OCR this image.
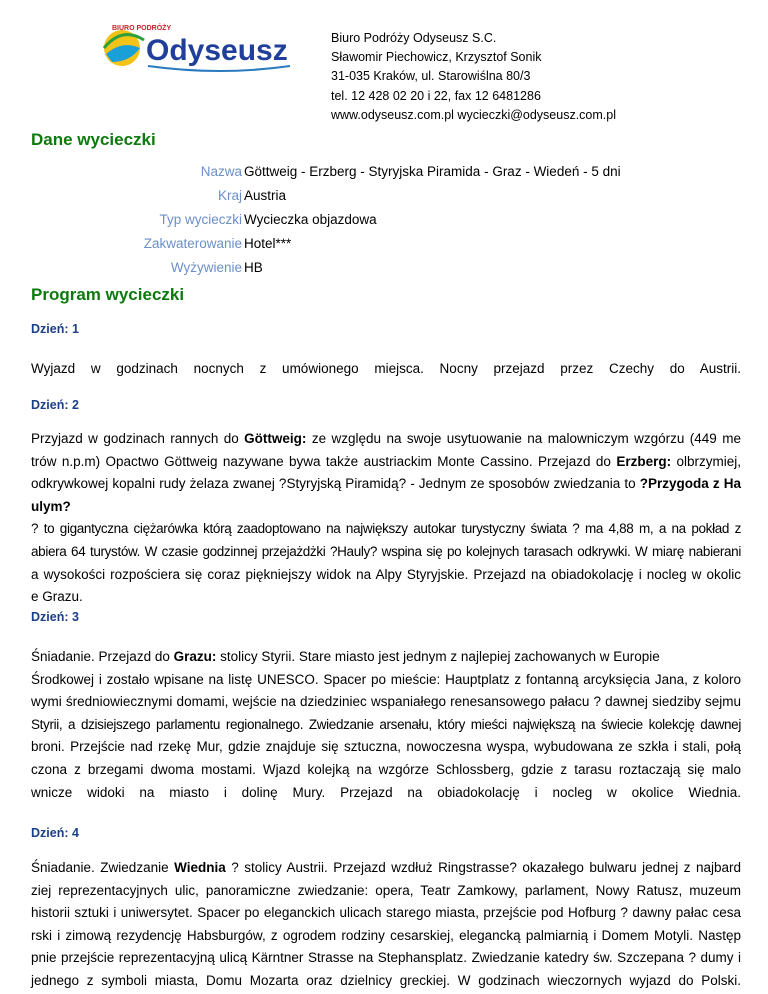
BIURO PODRÓŻY
Odyseusz	Biuro Podróży Odyseusz S.C.
Sławomir Piechowicz, Krzysztof Sonik
31-035 Kraków, ul. Starowiślna 80/3
tel. 12 428 02 20 i 22, fax 12 6481286
www.odyseusz.com.pl wycieczki@odyseusz.com.pl
Dane wycieczki
Nazwa Göttweig - Erzberg - Styryjska Piramida - Graz - Wiedeń - 5 dni
Kraj Austria
Typ wycieczki Wycieczka objazdowa
Zakwaterowanie Hotel***
Wyżywienie HB
Program wycieczki
Dzień: 1

Wyjazd w godzinach nocnych z umówionego miejsca. Nocny przejazd przez Czechy do Austrii.

Dzień: 2

Przyjazd w godzinach rannych do Göttweig: ze względu na swoje usytuowanie na malowniczym wzgórzu (449 me

trów n.p.m) Opactwo Göttweig nazywane bywa także austriackim Monte Cassino. Przejazd do Erzberg: olbrzymiej,

odkrywkowej kopalni rudy żelaza zwanej ?Styryjską Piramidą? - Jednym ze sposobów zwiedzania to ?Przygoda z Ha

ulym?

? to gigantyczna ciężarówka którą zaadoptowano na największy autokar turystyczny świata ? ma 4,88 m, a na pokład z

abiera 64 turystów. W czasie godzinnej przejażdżki ?Hauly? wspina się po kolejnych tarasach odkrywki. W miarę nabierani

a wysokości rozpościera się coraz piękniejszy widok na Alpy Styryjskie. Przejazd na obiadokolację i nocleg w okolic

e Grazu.

Dzień: 3

Śniadanie. Przejazd do Grazu: stolicy Styrii. Stare miasto jest jednym z najlepiej zachowanych w Europie

Środkowej i zostało wpisane na listę UNESCO. Spacer po mieście: Hauptplatz z fontanną arcyksięcia Jana, z koloro

wymi średniowiecznymi domami, wejście na dziedziniec wspaniałego renesansowego pałacu ? dawnej siedziby sejmu

Styrii, a dzisiejszego parlamentu regionalnego. Zwiedzanie arsenału, który mieści największą na świecie kolekcję dawnej

broni. Przejście nad rzekę Mur, gdzie znajduje się sztuczna, nowoczesna wyspa, wybudowana ze szkła i stali, połą

czona z brzegami dwoma mostami. Wjazd kolejką na wzgórze Schlossberg, gdzie z tarasu roztaczają się malo

wnicze widoki na miasto i dolinę Mury. Przejazd na obiadokolację i nocleg w okolice Wiednia.

Dzień: 4

Śniadanie. Zwiedzanie Wiednia ? stolicy Austrii. Przejazd wzdłuż Ringstrasse? okazałego bulwaru jednej z najbard

ziej reprezentacyjnych ulic, panoramiczne zwiedzanie: opera, Teatr Zamkowy, parlament, Nowy Ratusz, muzeum

historii sztuki i uniwersytet. Spacer po eleganckich ulicach starego miasta, przejście pod Hofburg ? dawny pałac cesa

rski i zimową rezydencję Habsburgów, z ogrodem rodziny cesarskiej, elegancką palmiarnią i Domem Motyli. Następ

pnie przejście reprezentacyjną ulicą Kärntner Strasse na Stephansplatz. Zwiedzanie katedry św. Szczepana ? dumy i

jednego z symboli miasta, Domu Mozarta oraz dzielnicy greckiej. W godzinach wieczornych wyjazd do Polski.
